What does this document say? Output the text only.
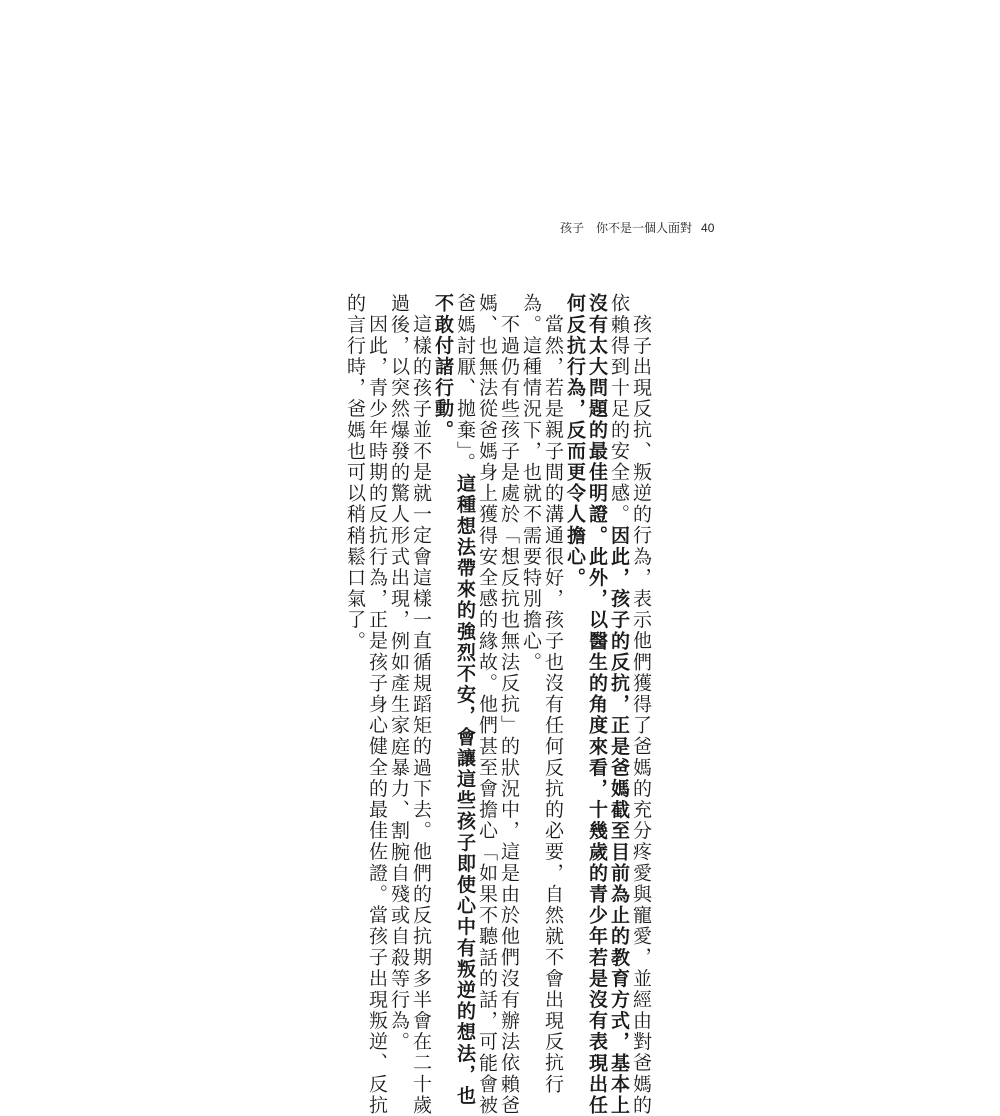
孩子　你不是一個人面對 40
孩子出現反抗、叛逆的行為，表示他們獲得了爸媽的充分疼愛與寵愛，並經由對爸媽的
依賴得到十足的安全感。因此，孩子的反抗，正是爸媽截至目前為止的教育方式，基本上
沒有太大問題的最佳明證。此外，以醫生的角度來看，十幾歲的青少年若是沒有表現出任
何反抗行為，反而更令人擔心。
當然，若是親子間的溝通很好，孩子也沒有任何反抗的必要，自然就不會出現反抗行
為。這種情況下，也就不需要特別擔心。
不過仍有些孩子是處於「想反抗也無法反抗」的狀況中，這是由於他們沒有辦法依賴爸
媽、也無法從爸媽身上獲得安全感的緣故。他們甚至會擔心「如果不聽話的話，可能會被
爸媽討厭、拋棄」。這種想法帶來的強烈不安，會讓這些孩子即使心中有叛逆的想法，也
不敢付諸行動。
這樣的孩子並不是就一定會這樣一直循規蹈矩的過下去。他們的反抗期多半會在二十歲
過後，以突然爆發的驚人形式出現，例如產生家庭暴力、割腕自殘或自殺等行為。
因此，青少年時期的反抗行為，正是孩子身心健全的最佳佐證。當孩子出現叛逆、反抗
的言行時，爸媽也可以稍稍鬆口氣了。
